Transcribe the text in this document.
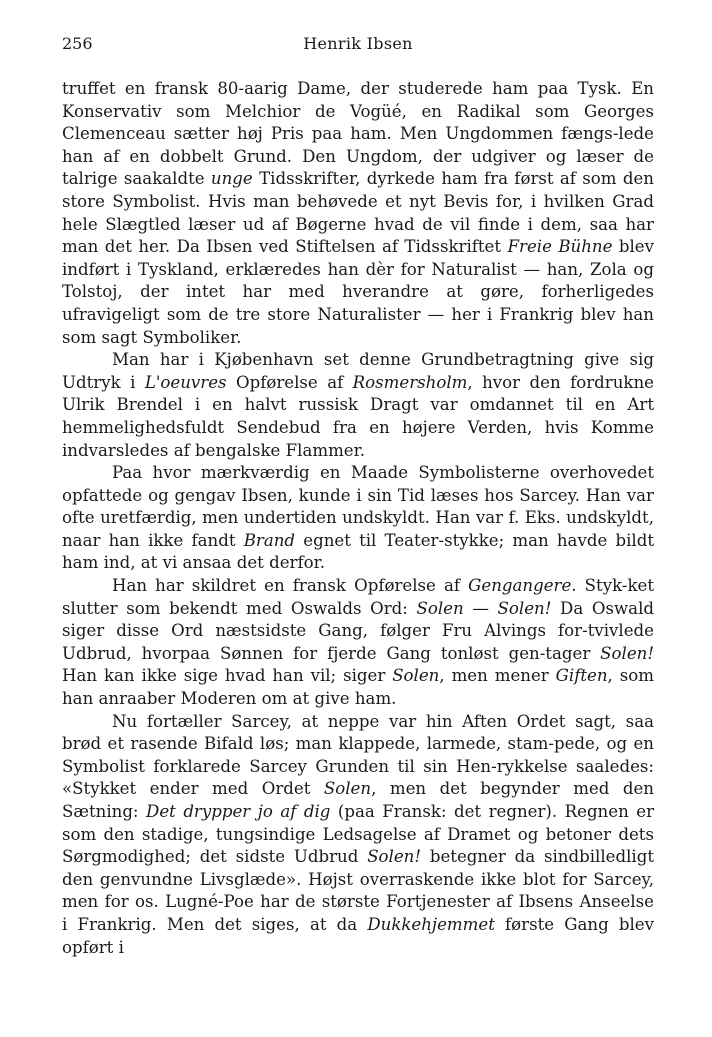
256	Henrik Ibsen

truffet en fransk 80-aarig Dame, der studerede ham paa Tysk. En Konservativ som Melchior de Vogüé, en Radikal som Georges Clemenceau sætter høj Pris paa ham. Men Ungdommen fængs-lede han af en dobbelt Grund. Den Ungdom, der udgiver og læser de talrige saakaldte unge Tidsskrifter, dyrkede ham fra først af som den store Symbolist. Hvis man behøvede et nyt Bevis for, i hvilken Grad hele Slægtled læser ud af Bøgerne hvad de vil finde i dem, saa har man det her. Da Ibsen ved Stiftelsen af Tidsskriftet Freie Bühne blev indført i Tyskland, erklæredes han dèr for Naturalist — han, Zola og Tolstoj, der intet har med hverandre at gøre, forherligedes ufravigeligt som de tre store Naturalister — her i Frankrig blev han som sagt Symboliker.

Man har i Kjøbenhavn set denne Grundbetragtning give sig Udtryk i L'oeuvres Opførelse af Rosmersholm, hvor den fordrukne Ulrik Brendel i en halvt russisk Dragt var omdannet til en Art hemmelighedsfuldt Sendebud fra en højere Verden, hvis Komme indvarsledes af bengalske Flammer.

Paa hvor mærkværdig en Maade Symbolisterne overhovedet opfattede og gengav Ibsen, kunde i sin Tid læses hos Sarcey. Han var ofte uretfærdig, men undertiden undskyldt. Han var f. Eks. undskyldt, naar han ikke fandt Brand egnet til Teater-stykke; man havde bildt ham ind, at vi ansaa det derfor.

Han har skildret en fransk Opførelse af Gengangere. Styk-ket slutter som bekendt med Oswalds Ord: Solen — Solen! Da Oswald siger disse Ord næstsidste Gang, følger Fru Alvings for-tvivlede Udbrud, hvorpaa Sønnen for fjerde Gang tonløst gen-tager Solen! Han kan ikke sige hvad han vil; siger Solen, men mener Giften, som han anraaber Moderen om at give ham.

Nu fortæller Sarcey, at neppe var hin Aften Ordet sagt, saa brød et rasende Bifald løs; man klappede, larmede, stam-pede, og en Symbolist forklarede Sarcey Grunden til sin Hen-rykkelse saaledes: «Stykket ender med Ordet Solen, men det begynder med den Sætning: Det drypper jo af dig (paa Fransk: det regner). Regnen er som den stadige, tungsindige Ledsagelse af Dramet og betoner dets Sørgmodighed; det sidste Udbrud Solen! betegner da sindbilledligt den genvundne Livsglæde». Højst overraskende ikke blot for Sarcey, men for os. Lugné-Poe har de største Fortjenester af Ibsens Anseelse i Frankrig. Men det siges, at da Dukkehjemmet første Gang blev opført i
